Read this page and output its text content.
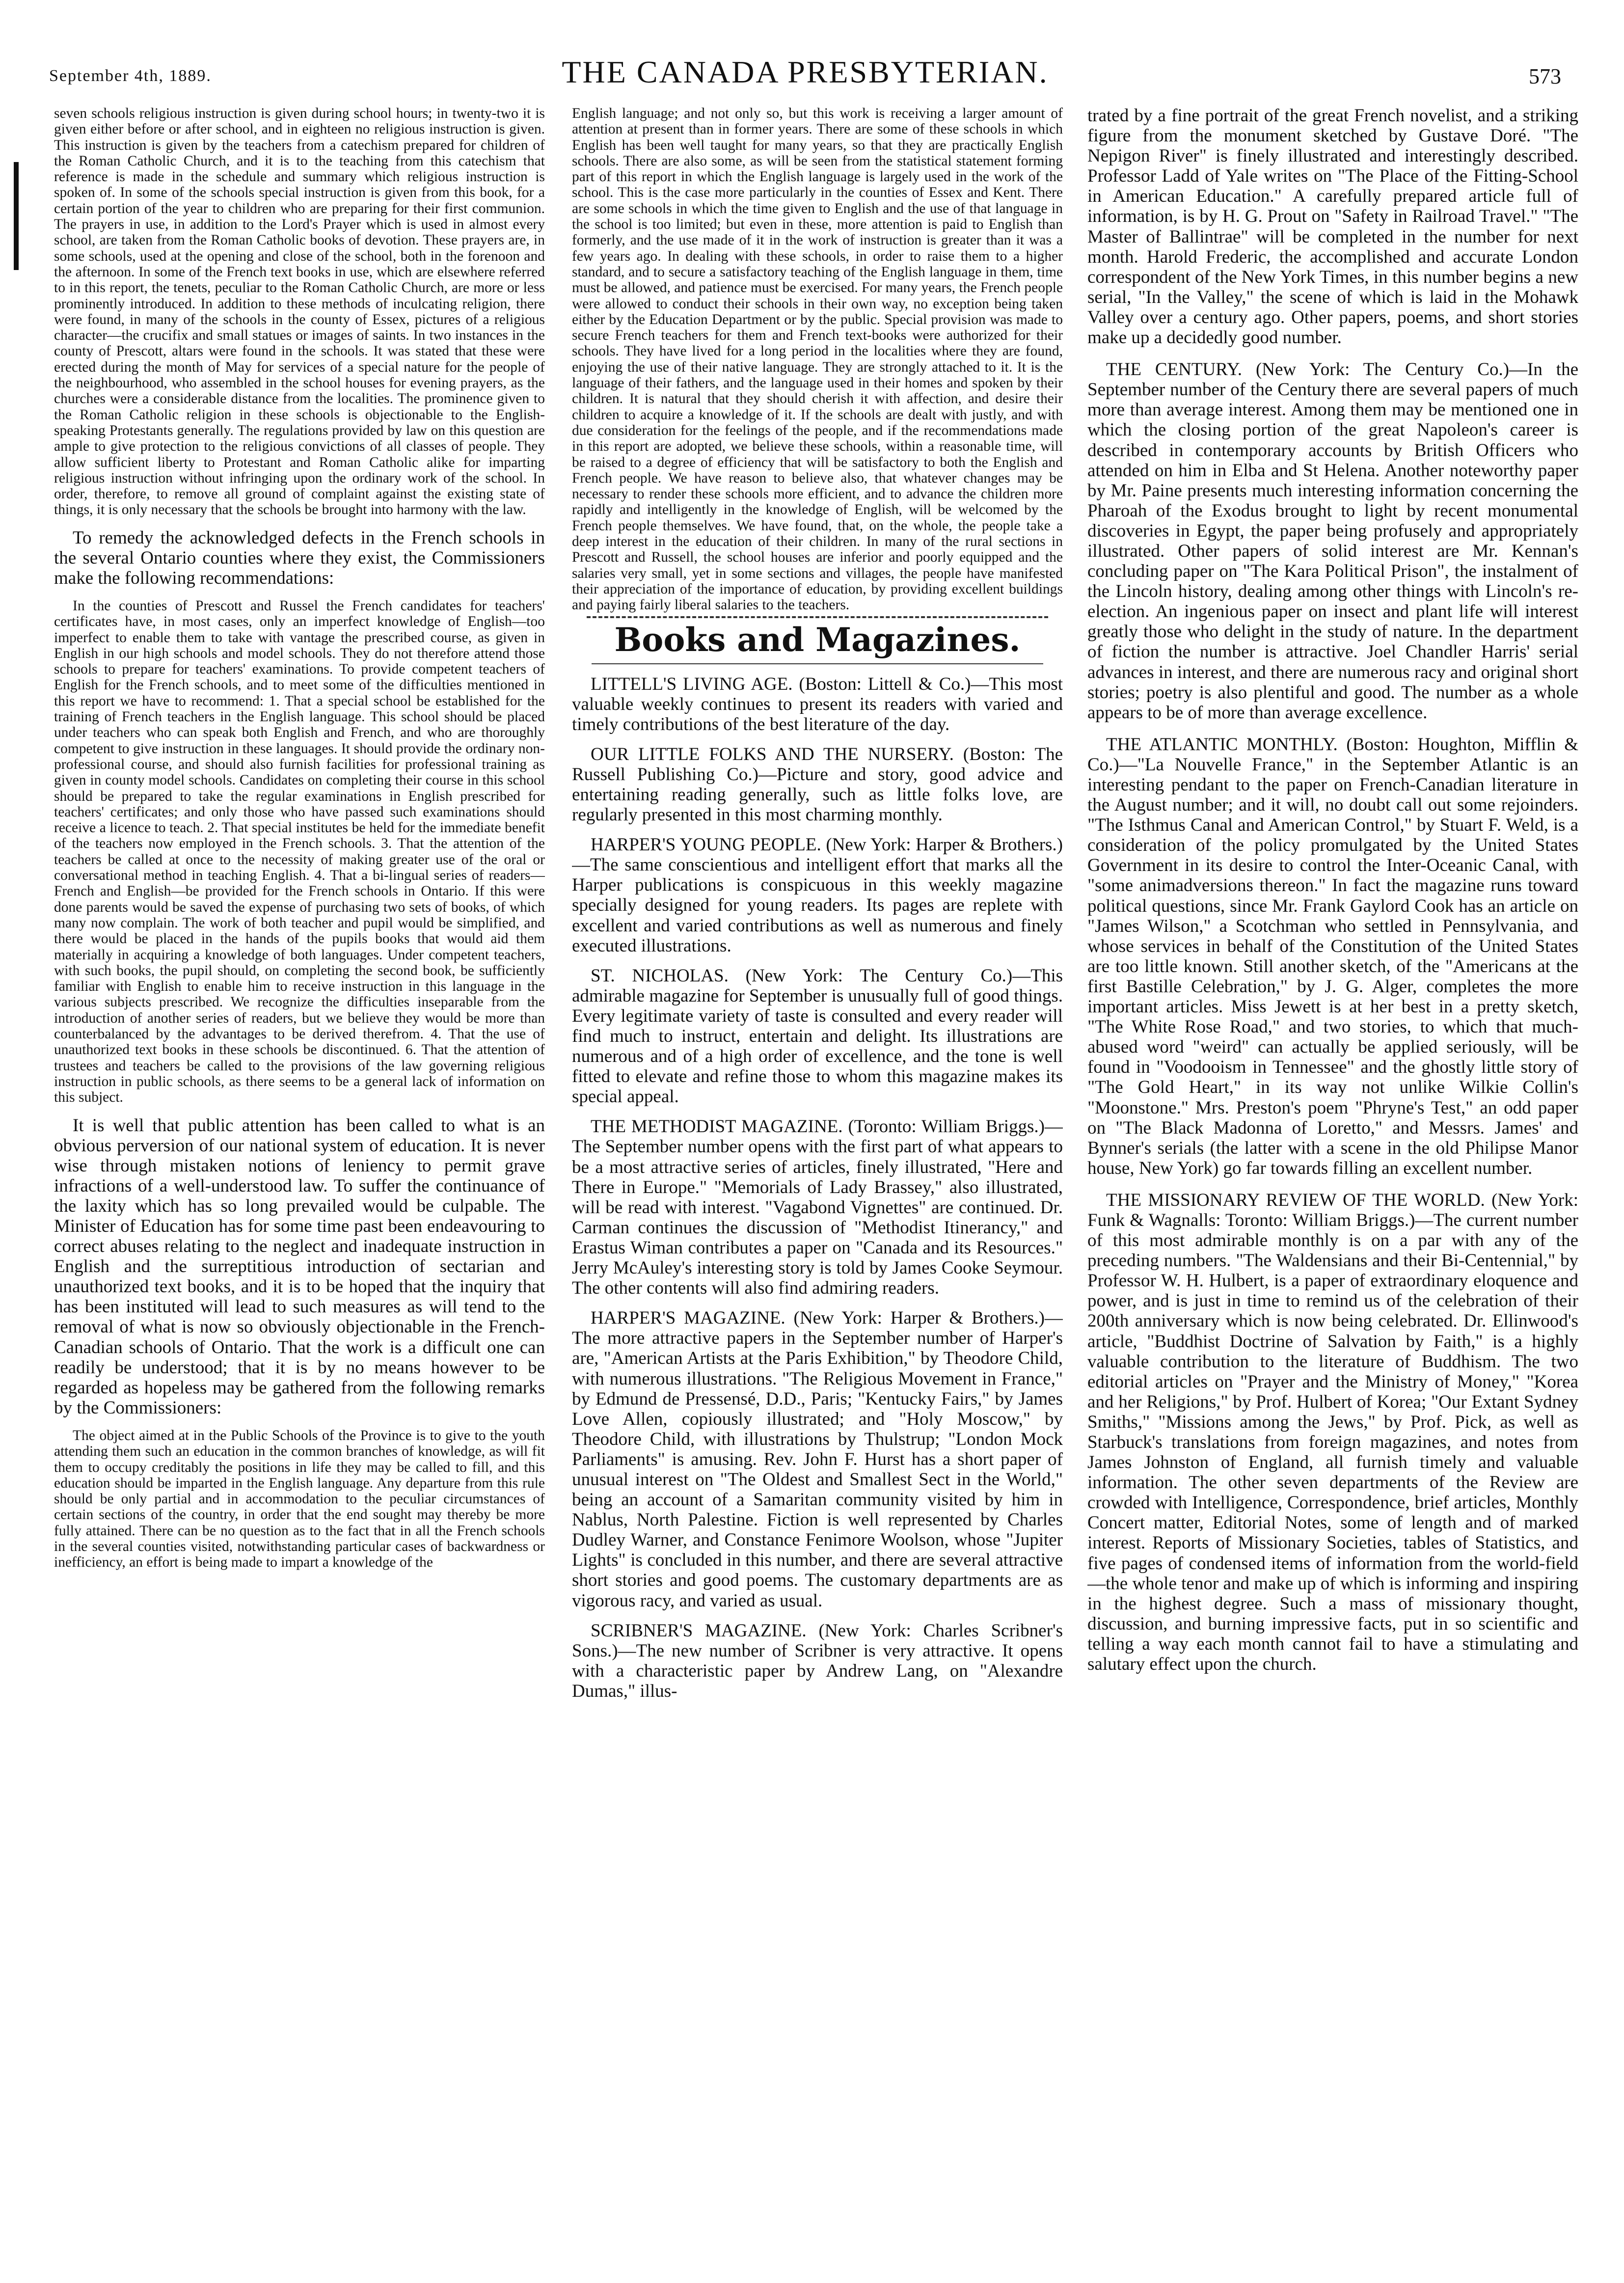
September 4th, 1889.	THE CANADA PRESBYTERIAN.	573

seven schools religious instruction is given during school hours; in twenty-two it is given either before or after school, and in eighteen no religious instruction is given. This instruction is given by the teachers from a catechism prepared for children of the Roman Catholic Church, and it is to the teaching from this catechism that reference is made in the schedule and summary which religious instruction is spoken of. In some of the schools special instruction is given from this book, for a certain portion of the year to children who are preparing for their first communion. The prayers in use, in addition to the Lord's Prayer which is used in almost every school, are taken from the Roman Catholic books of devotion. These prayers are, in some schools, used at the opening and close of the school, both in the forenoon and the afternoon. In some of the French text books in use, which are elsewhere referred to in this report, the tenets, peculiar to the Roman Catholic Church, are more or less prominently introduced. In addition to these methods of inculcating religion, there were found, in many of the schools in the county of Essex, pictures of a religious character—the crucifix and small statues or images of saints. In two instances in the county of Prescott, altars were found in the schools. It was stated that these were erected during the month of May for services of a special nature for the people of the neighbourhood, who assembled in the school houses for evening prayers, as the churches were a considerable distance from the localities. The prominence given to the Roman Catholic religion in these schools is objectionable to the English-speaking Protestants generally. The regulations provided by law on this question are ample to give protection to the religious convictions of all classes of people. They allow sufficient liberty to Protestant and Roman Catholic alike for imparting religious instruction without infringing upon the ordinary work of the school. In order, therefore, to remove all ground of complaint against the existing state of things, it is only necessary that the schools be brought into harmony with the law.

To remedy the acknowledged defects in the French schools in the several Ontario counties where they exist, the Commissioners make the following recommendations:

In the counties of Prescott and Russel the French candidates for teachers' certificates have, in most cases, only an imperfect knowledge of English—too imperfect to enable them to take with vantage the prescribed course, as given in English in our high schools and model schools. They do not therefore attend those schools to prepare for teachers' examinations. To provide competent teachers of English for the French schools, and to meet some of the difficulties mentioned in this report we have to recommend: 1. That a special school be established for the training of French teachers in the English language. This school should be placed under teachers who can speak both English and French, and who are thoroughly competent to give instruction in these languages. It should provide the ordinary non-professional course, and should also furnish facilities for professional training as given in county model schools. Candidates on completing their course in this school should be prepared to take the regular examinations in English prescribed for teachers' certificates; and only those who have passed such examinations should receive a licence to teach. 2. That special institutes be held for the immediate benefit of the teachers now employed in the French schools. 3. That the attention of the teachers be called at once to the necessity of making greater use of the oral or conversational method in teaching English. 4. That a bi-lingual series of readers—French and English—be provided for the French schools in Ontario. If this were done parents would be saved the expense of purchasing two sets of books, of which many now complain. The work of both teacher and pupil would be simplified, and there would be placed in the hands of the pupils books that would aid them materially in acquiring a knowledge of both languages. Under competent teachers, with such books, the pupil should, on completing the second book, be sufficiently familiar with English to enable him to receive instruction in this language in the various subjects prescribed. We recognize the difficulties inseparable from the introduction of another series of readers, but we believe they would be more than counterbalanced by the advantages to be derived therefrom. 4. That the use of unauthorized text books in these schools be discontinued. 6. That the attention of trustees and teachers be called to the provisions of the law governing religious instruction in public schools, as there seems to be a general lack of information on this subject.

It is well that public attention has been called to what is an obvious perversion of our national system of education. It is never wise through mistaken notions of leniency to permit grave infractions of a well-understood law. To suffer the continuance of the laxity which has so long prevailed would be culpable. The Minister of Education has for some time past been endeavouring to correct abuses relating to the neglect and inadequate instruction in English and the surreptitious introduction of sectarian and unauthorized text books, and it is to be hoped that the inquiry that has been instituted will lead to such measures as will tend to the removal of what is now so obviously objectionable in the French-Canadian schools of Ontario. That the work is a difficult one can readily be understood; that it is by no means however to be regarded as hopeless may be gathered from the following remarks by the Commissioners:

The object aimed at in the Public Schools of the Province is to give to the youth attending them such an education in the common branches of knowledge, as will fit them to occupy creditably the positions in life they may be called to fill, and this education should be imparted in the English language. Any departure from this rule should be only partial and in accommodation to the peculiar circumstances of certain sections of the country, in order that the end sought may thereby be more fully attained. There can be no question as to the fact that in all the French schools in the several counties visited, notwithstanding particular cases of backwardness or inefficiency, an effort is being made to impart a knowledge of the

English language; and not only so, but this work is receiving a larger amount of attention at present than in former years. There are some of these schools in which English has been well taught for many years, so that they are practically English schools. There are also some, as will be seen from the statistical statement forming part of this report in which the English language is largely used in the work of the school. This is the case more particularly in the counties of Essex and Kent. There are some schools in which the time given to English and the use of that language in the school is too limited; but even in these, more attention is paid to English than formerly, and the use made of it in the work of instruction is greater than it was a few years ago. In dealing with these schools, in order to raise them to a higher standard, and to secure a satisfactory teaching of the English language in them, time must be allowed, and patience must be exercised. For many years, the French people were allowed to conduct their schools in their own way, no exception being taken either by the Education Department or by the public. Special provision was made to secure French teachers for them and French text-books were authorized for their schools. They have lived for a long period in the localities where they are found, enjoying the use of their native language. They are strongly attached to it. It is the language of their fathers, and the language used in their homes and spoken by their children. It is natural that they should cherish it with affection, and desire their children to acquire a knowledge of it. If the schools are dealt with justly, and with due consideration for the feelings of the people, and if the recommendations made in this report are adopted, we believe these schools, within a reasonable time, will be raised to a degree of efficiency that will be satisfactory to both the English and French people. We have reason to believe also, that whatever changes may be necessary to render these schools more efficient, and to advance the children more rapidly and intelligently in the knowledge of English, will be welcomed by the French people themselves. We have found, that, on the whole, the people take a deep interest in the education of their children. In many of the rural sections in Prescott and Russell, the school houses are inferior and poorly equipped and the salaries very small, yet in some sections and villages, the people have manifested their appreciation of the importance of education, by providing excellent buildings and paying fairly liberal salaries to the teachers.

Books and Magazines.

LITTELL'S LIVING AGE. (Boston: Littell & Co.)—This most valuable weekly continues to present its readers with varied and timely contributions of the best literature of the day.

OUR LITTLE FOLKS AND THE NURSERY. (Boston: The Russell Publishing Co.)—Picture and story, good advice and entertaining reading generally, such as little folks love, are regularly presented in this most charming monthly.

HARPER'S YOUNG PEOPLE. (New York: Harper & Brothers.)—The same conscientious and intelligent effort that marks all the Harper publications is conspicuous in this weekly magazine specially designed for young readers. Its pages are replete with excellent and varied contributions as well as numerous and finely executed illustrations.

ST. NICHOLAS. (New York: The Century Co.)—This admirable magazine for September is unusually full of good things. Every legitimate variety of taste is consulted and every reader will find much to instruct, entertain and delight. Its illustrations are numerous and of a high order of excellence, and the tone is well fitted to elevate and refine those to whom this magazine makes its special appeal.

THE METHODIST MAGAZINE. (Toronto: William Briggs.)—The September number opens with the first part of what appears to be a most attractive series of articles, finely illustrated, "Here and There in Europe." "Memorials of Lady Brassey," also illustrated, will be read with interest. "Vagabond Vignettes" are continued. Dr. Carman continues the discussion of "Methodist Itinerancy," and Erastus Wiman contributes a paper on "Canada and its Resources." Jerry McAuley's interesting story is told by James Cooke Seymour. The other contents will also find admiring readers.

HARPER'S MAGAZINE. (New York: Harper & Brothers.)—The more attractive papers in the September number of Harper's are, "American Artists at the Paris Exhibition," by Theodore Child, with numerous illustrations. "The Religious Movement in France," by Edmund de Pressensé, D.D., Paris; "Kentucky Fairs," by James Love Allen, copiously illustrated; and "Holy Moscow," by Theodore Child, with illustrations by Thulstrup; "London Mock Parliaments" is amusing. Rev. John F. Hurst has a short paper of unusual interest on "The Oldest and Smallest Sect in the World," being an account of a Samaritan community visited by him in Nablus, North Palestine. Fiction is well represented by Charles Dudley Warner, and Constance Fenimore Woolson, whose "Jupiter Lights" is concluded in this number, and there are several attractive short stories and good poems. The customary departments are as vigorous racy, and varied as usual.

SCRIBNER'S MAGAZINE. (New York: Charles Scribner's Sons.)—The new number of Scribner is very attractive. It opens with a characteristic paper by Andrew Lang, on "Alexandre Dumas," illus-

trated by a fine portrait of the great French novelist, and a striking figure from the monument sketched by Gustave Doré. "The Nepigon River" is finely illustrated and interestingly described. Professor Ladd of Yale writes on "The Place of the Fitting-School in American Education." A carefully prepared article full of information, is by H. G. Prout on "Safety in Railroad Travel." "The Master of Ballintrae" will be completed in the number for next month. Harold Frederic, the accomplished and accurate London correspondent of the New York Times, in this number begins a new serial, "In the Valley," the scene of which is laid in the Mohawk Valley over a century ago. Other papers, poems, and short stories make up a decidedly good number.

THE CENTURY. (New York: The Century Co.)—In the September number of the Century there are several papers of much more than average interest. Among them may be mentioned one in which the closing portion of the great Napoleon's career is described in contemporary accounts by British Officers who attended on him in Elba and St Helena. Another noteworthy paper by Mr. Paine presents much interesting information concerning the Pharoah of the Exodus brought to light by recent monumental discoveries in Egypt, the paper being profusely and appropriately illustrated. Other papers of solid interest are Mr. Kennan's concluding paper on "The Kara Political Prison", the instalment of the Lincoln history, dealing among other things with Lincoln's re-election. An ingenious paper on insect and plant life will interest greatly those who delight in the study of nature. In the department of fiction the number is attractive. Joel Chandler Harris' serial advances in interest, and there are numerous racy and original short stories; poetry is also plentiful and good. The number as a whole appears to be of more than average excellence.

THE ATLANTIC MONTHLY. (Boston: Houghton, Mifflin & Co.)—"La Nouvelle France," in the September Atlantic is an interesting pendant to the paper on French-Canadian literature in the August number; and it will, no doubt call out some rejoinders. "The Isthmus Canal and American Control," by Stuart F. Weld, is a consideration of the policy promulgated by the United States Government in its desire to control the Inter-Oceanic Canal, with "some animadversions thereon." In fact the magazine runs toward political questions, since Mr. Frank Gaylord Cook has an article on "James Wilson," a Scotchman who settled in Pennsylvania, and whose services in behalf of the Constitution of the United States are too little known. Still another sketch, of the "Americans at the first Bastille Celebration," by J. G. Alger, completes the more important articles. Miss Jewett is at her best in a pretty sketch, "The White Rose Road," and two stories, to which that much-abused word "weird" can actually be applied seriously, will be found in "Voodooism in Tennessee" and the ghostly little story of "The Gold Heart," in its way not unlike Wilkie Collin's "Moonstone." Mrs. Preston's poem "Phryne's Test," an odd paper on "The Black Madonna of Loretto," and Messrs. James' and Bynner's serials (the latter with a scene in the old Philipse Manor house, New York) go far towards filling an excellent number.

THE MISSIONARY REVIEW OF THE WORLD. (New York: Funk & Wagnalls: Toronto: William Briggs.)—The current number of this most admirable monthly is on a par with any of the preceding numbers. "The Waldensians and their Bi-Centennial," by Professor W. H. Hulbert, is a paper of extraordinary eloquence and power, and is just in time to remind us of the celebration of their 200th anniversary which is now being celebrated. Dr. Ellinwood's article, "Buddhist Doctrine of Salvation by Faith," is a highly valuable contribution to the literature of Buddhism. The two editorial articles on "Prayer and the Ministry of Money," "Korea and her Religions," by Prof. Hulbert of Korea; "Our Extant Sydney Smiths," "Missions among the Jews," by Prof. Pick, as well as Starbuck's translations from foreign magazines, and notes from James Johnston of England, all furnish timely and valuable information. The other seven departments of the Review are crowded with Intelligence, Correspondence, brief articles, Monthly Concert matter, Editorial Notes, some of length and of marked interest. Reports of Missionary Societies, tables of Statistics, and five pages of condensed items of information from the world-field—the whole tenor and make up of which is informing and inspiring in the highest degree. Such a mass of missionary thought, discussion, and burning impressive facts, put in so scientific and telling a way each month cannot fail to have a stimulating and salutary effect upon the church.
